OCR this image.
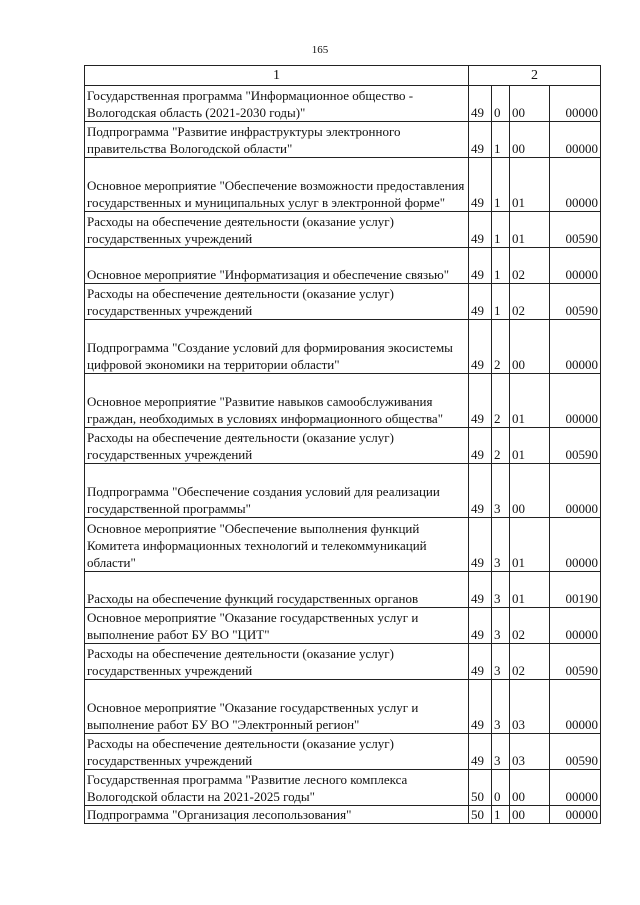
165
1	2			
Государственная программа "Информационное общество - Вологодская область (2021-2030 годы)"	49	0	00	00000
Подпрограмма "Развитие инфраструктуры электронного правительства Вологодской области"	49	1	00	00000
Основное мероприятие "Обеспечение возможности предоставления государственных и муниципальных услуг в электронной форме"	49	1	01	00000
Расходы на обеспечение деятельности (оказание услуг) государственных учреждений	49	1	01	00590
Основное мероприятие "Информатизация и обеспечение связью"	49	1	02	00000
Расходы на обеспечение деятельности (оказание услуг) государственных учреждений	49	1	02	00590
Подпрограмма "Создание условий для формирования экосистемы цифровой экономики на территории области"	49	2	00	00000
Основное мероприятие "Развитие навыков самообслуживания граждан, необходимых в условиях информационного общества"	49	2	01	00000
Расходы на обеспечение деятельности (оказание услуг) государственных учреждений	49	2	01	00590
Подпрограмма "Обеспечение создания условий для реализации государственной программы"	49	3	00	00000
Основное мероприятие "Обеспечение выполнения функций Комитета информационных технологий и телекоммуникаций области"	49	3	01	00000
Расходы на обеспечение функций государственных органов	49	3	01	00190
Основное мероприятие "Оказание государственных услуг и выполнение работ БУ ВО "ЦИТ"	49	3	02	00000
Расходы на обеспечение деятельности (оказание услуг) государственных учреждений	49	3	02	00590
Основное мероприятие "Оказание государственных услуг и выполнение работ БУ ВО "Электронный регион"	49	3	03	00000
Расходы на обеспечение деятельности (оказание услуг) государственных учреждений	49	3	03	00590
Государственная программа "Развитие лесного комплекса Вологодской области на 2021-2025 годы"	50	0	00	00000
Подпрограмма "Организация лесопользования"	50	1	00	00000
